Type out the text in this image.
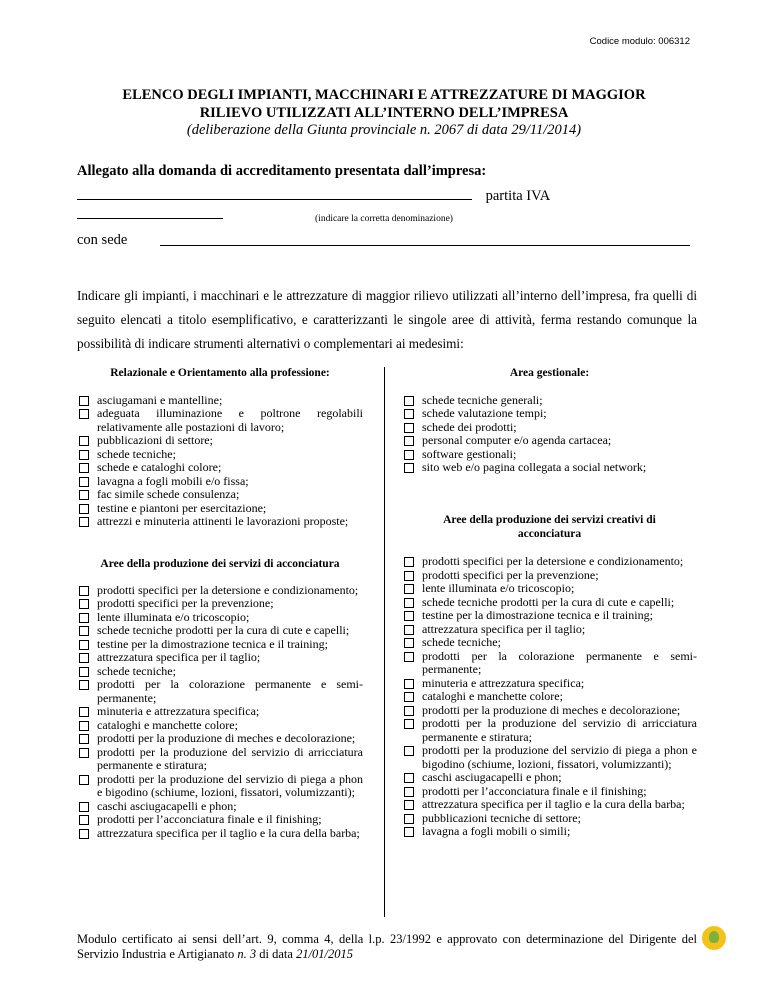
Codice modulo: 006312
ELENCO DEGLI IMPIANTI, MACCHINARI E ATTREZZATURE DI MAGGIOR
RILIEVO UTILIZZATI ALL’INTERNO DELL’IMPRESA
(deliberazione della Giunta provinciale n. 2067 di data 29/11/2014)
Allegato alla domanda di accreditamento presentata dall’impresa:
partita IVA
(indicare la corretta denominazione)
con sede
Indicare gli impianti, i macchinari e le attrezzature di maggior rilievo utilizzati all’interno dell’impresa, fra quelli di seguito elencati a titolo esemplificativo, e caratterizzanti le singole aree di attività, ferma restando comunque la possibilità di indicare strumenti alternativi o complementari ai medesimi:
Relazionale e Orientamento alla professione:
asciugamani e mantelline;
adeguata illuminazione e poltrone regolabili relativamente alle postazioni di lavoro;
pubblicazioni di settore;
schede tecniche;
schede e cataloghi colore;
lavagna a fogli mobili e/o fissa;
fac simile schede consulenza;
testine e piantoni per esercitazione;
attrezzi e minuteria attinenti le lavorazioni proposte;
Aree della produzione dei servizi di acconciatura
prodotti specifici per la detersione e condizionamento;
prodotti specifici per la prevenzione;
lente illuminata e/o tricoscopio;
schede tecniche prodotti per la cura di cute e capelli;
testine per la dimostrazione tecnica e il training;
attrezzatura specifica per il taglio;
schede tecniche;
prodotti per la colorazione permanente e semi-permanente;
minuteria e attrezzatura specifica;
cataloghi e manchette colore;
prodotti per la produzione di meches e decolorazione;
prodotti per la produzione del servizio di arricciatura permanente e stiratura;
prodotti per la produzione del servizio di piega a phon e bigodino (schiume, lozioni, fissatori, volumizzanti);
caschi asciugacapelli e phon;
prodotti per l’acconciatura finale e il finishing;
attrezzatura specifica per il taglio e la cura della barba;
Area gestionale:
schede tecniche generali;
schede valutazione tempi;
schede dei prodotti;
personal computer e/o agenda cartacea;
software gestionali;
sito web e/o pagina collegata a social network;
Aree della produzione dei servizi creativi di acconciatura
prodotti specifici per la detersione e condizionamento;
prodotti specifici per la prevenzione;
lente illuminata e/o tricoscopio;
schede tecniche prodotti per la cura di cute e capelli;
testine per la dimostrazione tecnica e il training;
attrezzatura specifica per il taglio;
schede tecniche;
prodotti per la colorazione permanente e semi-permanente;
minuteria e attrezzatura specifica;
cataloghi e manchette colore;
prodotti per la produzione di meches e decolorazione;
prodotti per la produzione del servizio di arricciatura permanente e stiratura;
prodotti per la produzione del servizio di piega a phon e bigodino (schiume, lozioni, fissatori, volumizzanti);
caschi asciugacapelli e phon;
prodotti per l’acconciatura finale e il finishing;
attrezzatura specifica per il taglio e la cura della barba;
pubblicazioni tecniche di settore;
lavagna a fogli mobili o simili;
Modulo certificato ai sensi dell’art. 9, comma 4, della l.p. 23/1992 e approvato con determinazione del Dirigente del Servizio Industria e Artigianato n. 3 di data 21/01/2015
